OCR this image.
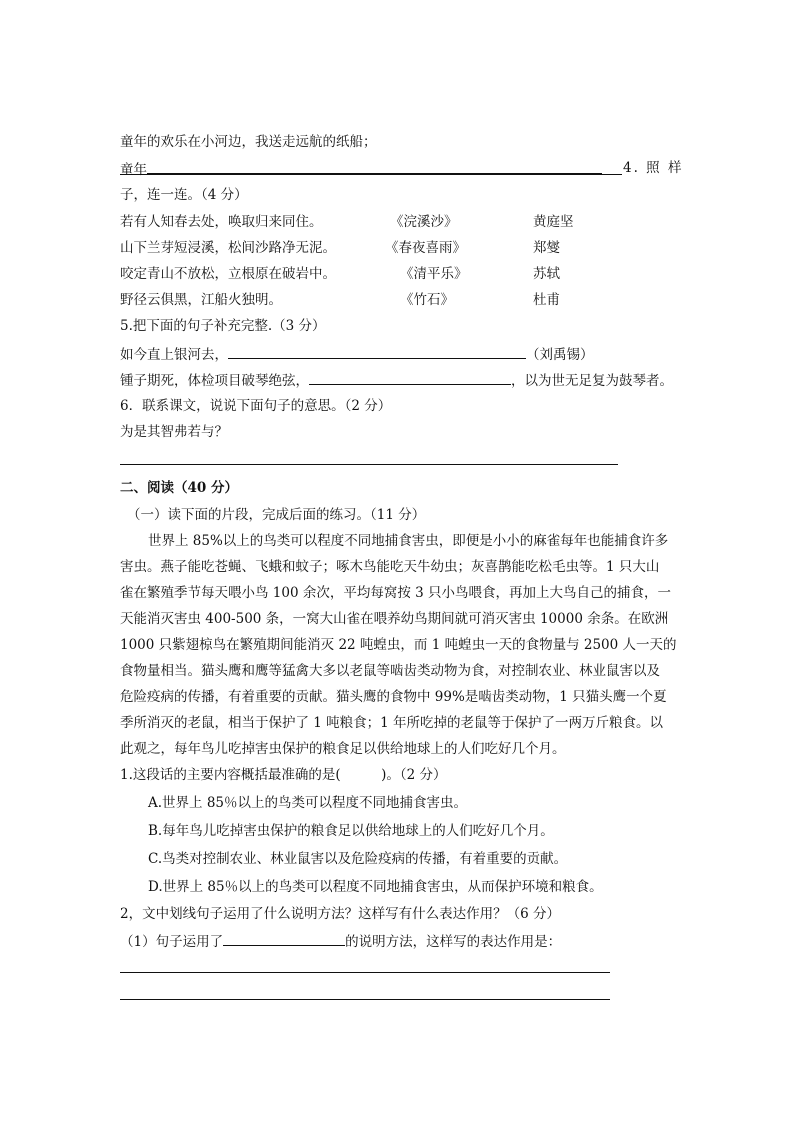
童年的欢乐在小河边，我送走远航的纸船；
童年	4. 照 样
子，连一连。（4 分）
若有人知春去处，唤取归来同住。	《浣溪沙》	黄庭坚
山下兰芽短浸溪，松间沙路净无泥。	《春夜喜雨》	郑燮
咬定青山不放松，立根原在破岩中。	《清平乐》	苏轼
野径云俱黑，江船火独明。	《竹石》	杜甫
5.把下面的句子补充完整.（3 分）
如今直上银河去，	（刘禹锡）
锺子期死，体检项目破琴绝弦，	，以为世无足复为鼓琴者。
6．联系课文，说说下面句子的意思。（2 分）
为是其智弗若与？
二、阅读（40 分）
（一）读下面的片段，完成后面的练习。（11 分）
世界上 85%以上的鸟类可以程度不同地捕食害虫，即便是小小的麻雀每年也能捕食许多
害虫。燕子能吃苍蝇、飞蛾和蚊子；啄木鸟能吃天牛幼虫；灰喜鹊能吃松毛虫等。1 只大山
雀在繁殖季节每天喂小鸟 100 余次，平均每窝按 3 只小鸟喂食，再加上大鸟自己的捕食，一
天能消灭害虫 400-500 条，一窝大山雀在喂养幼鸟期间就可消灭害虫 10000 余条。在欧洲
1000 只紫翅椋鸟在繁殖期间能消灭 22 吨蝗虫，而 1 吨蝗虫一天的食物量与 2500 人一天的
食物量相当。猫头鹰和鹰等猛禽大多以老鼠等啮齿类动物为食，对控制农业、林业鼠害以及
危险疫病的传播，有着重要的贡献。猫头鹰的食物中 99%是啮齿类动物，1 只猫头鹰一个夏
季所消灭的老鼠，相当于保护了 1 吨粮食；1 年所吃掉的老鼠等于保护了一两万斤粮食。以
此观之，每年鸟儿吃掉害虫保护的粮食足以供给地球上的人们吃好几个月。
1.这段话的主要内容概括最准确的是(　　　)。（2 分）
A.世界上 85％以上的鸟类可以程度不同地捕食害虫。
B.每年鸟儿吃掉害虫保护的粮食足以供给地球上的人们吃好几个月。
C.鸟类对控制农业、林业鼠害以及危险疫病的传播，有着重要的贡献。
D.世界上 85％以上的鸟类可以程度不同地捕食害虫，从而保护环境和粮食。
2，文中划线句子运用了什么说明方法？这样写有什么表达作用？（6 分）
（1）句子运用了	的说明方法，这样写的表达作用是：
